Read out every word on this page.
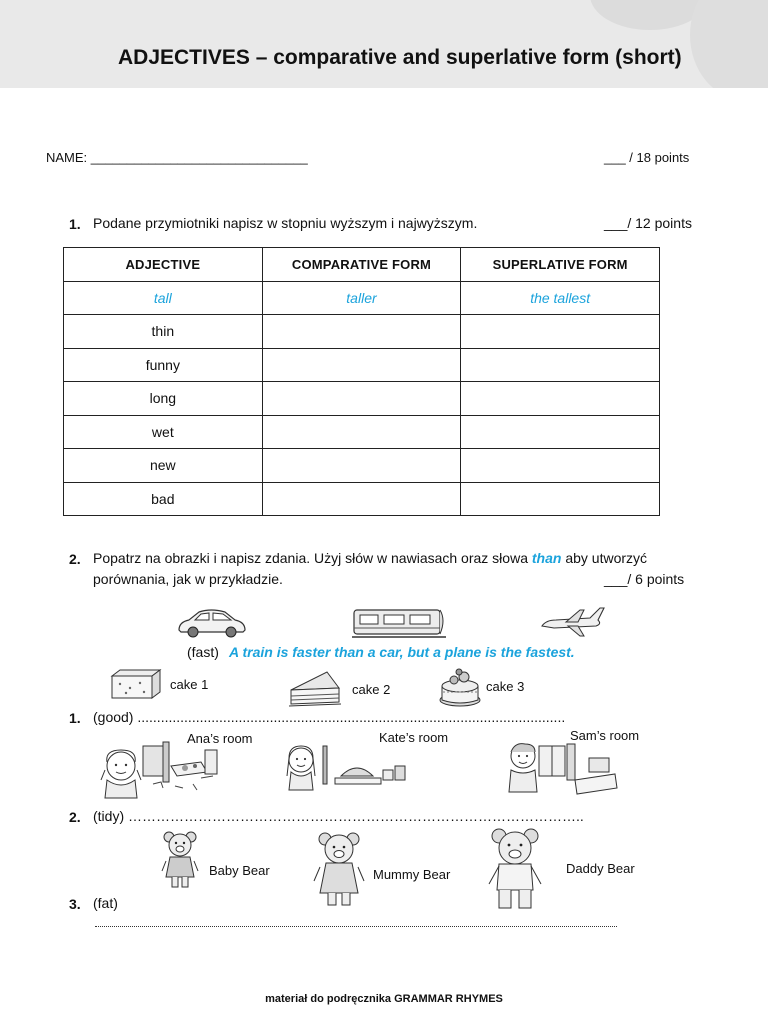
ADJECTIVES – comparative and superlative form (short)
NAME: ______________________________	___ / 18 points
1. Podane przymiotniki napisz w stopniu wyższym i najwyższym.	___/ 12 points
ADJECTIVE	COMPARATIVE FORM	SUPERLATIVE FORM
tall	taller	the tallest
thin		
funny		
long		
wet		
new		
bad		
2. Popatrz na obrazki i napisz zdania. Użyj słów w nawiasach oraz słowa than aby utworzyć
porównania, jak w przykładzie.	___/ 6 points
(fast) A train is faster than a car, but a plane is the fastest.
cake 1	cake 2	cake 3
1. (good) ..............................................................................................................
Ana’s room	Kate’s room	Sam’s room
2. (tidy) ……………………………………………………………………………………..
Baby Bear	Mummy Bear	Daddy Bear
3. (fat)
materiał do podręcznika GRAMMAR RHYMES
